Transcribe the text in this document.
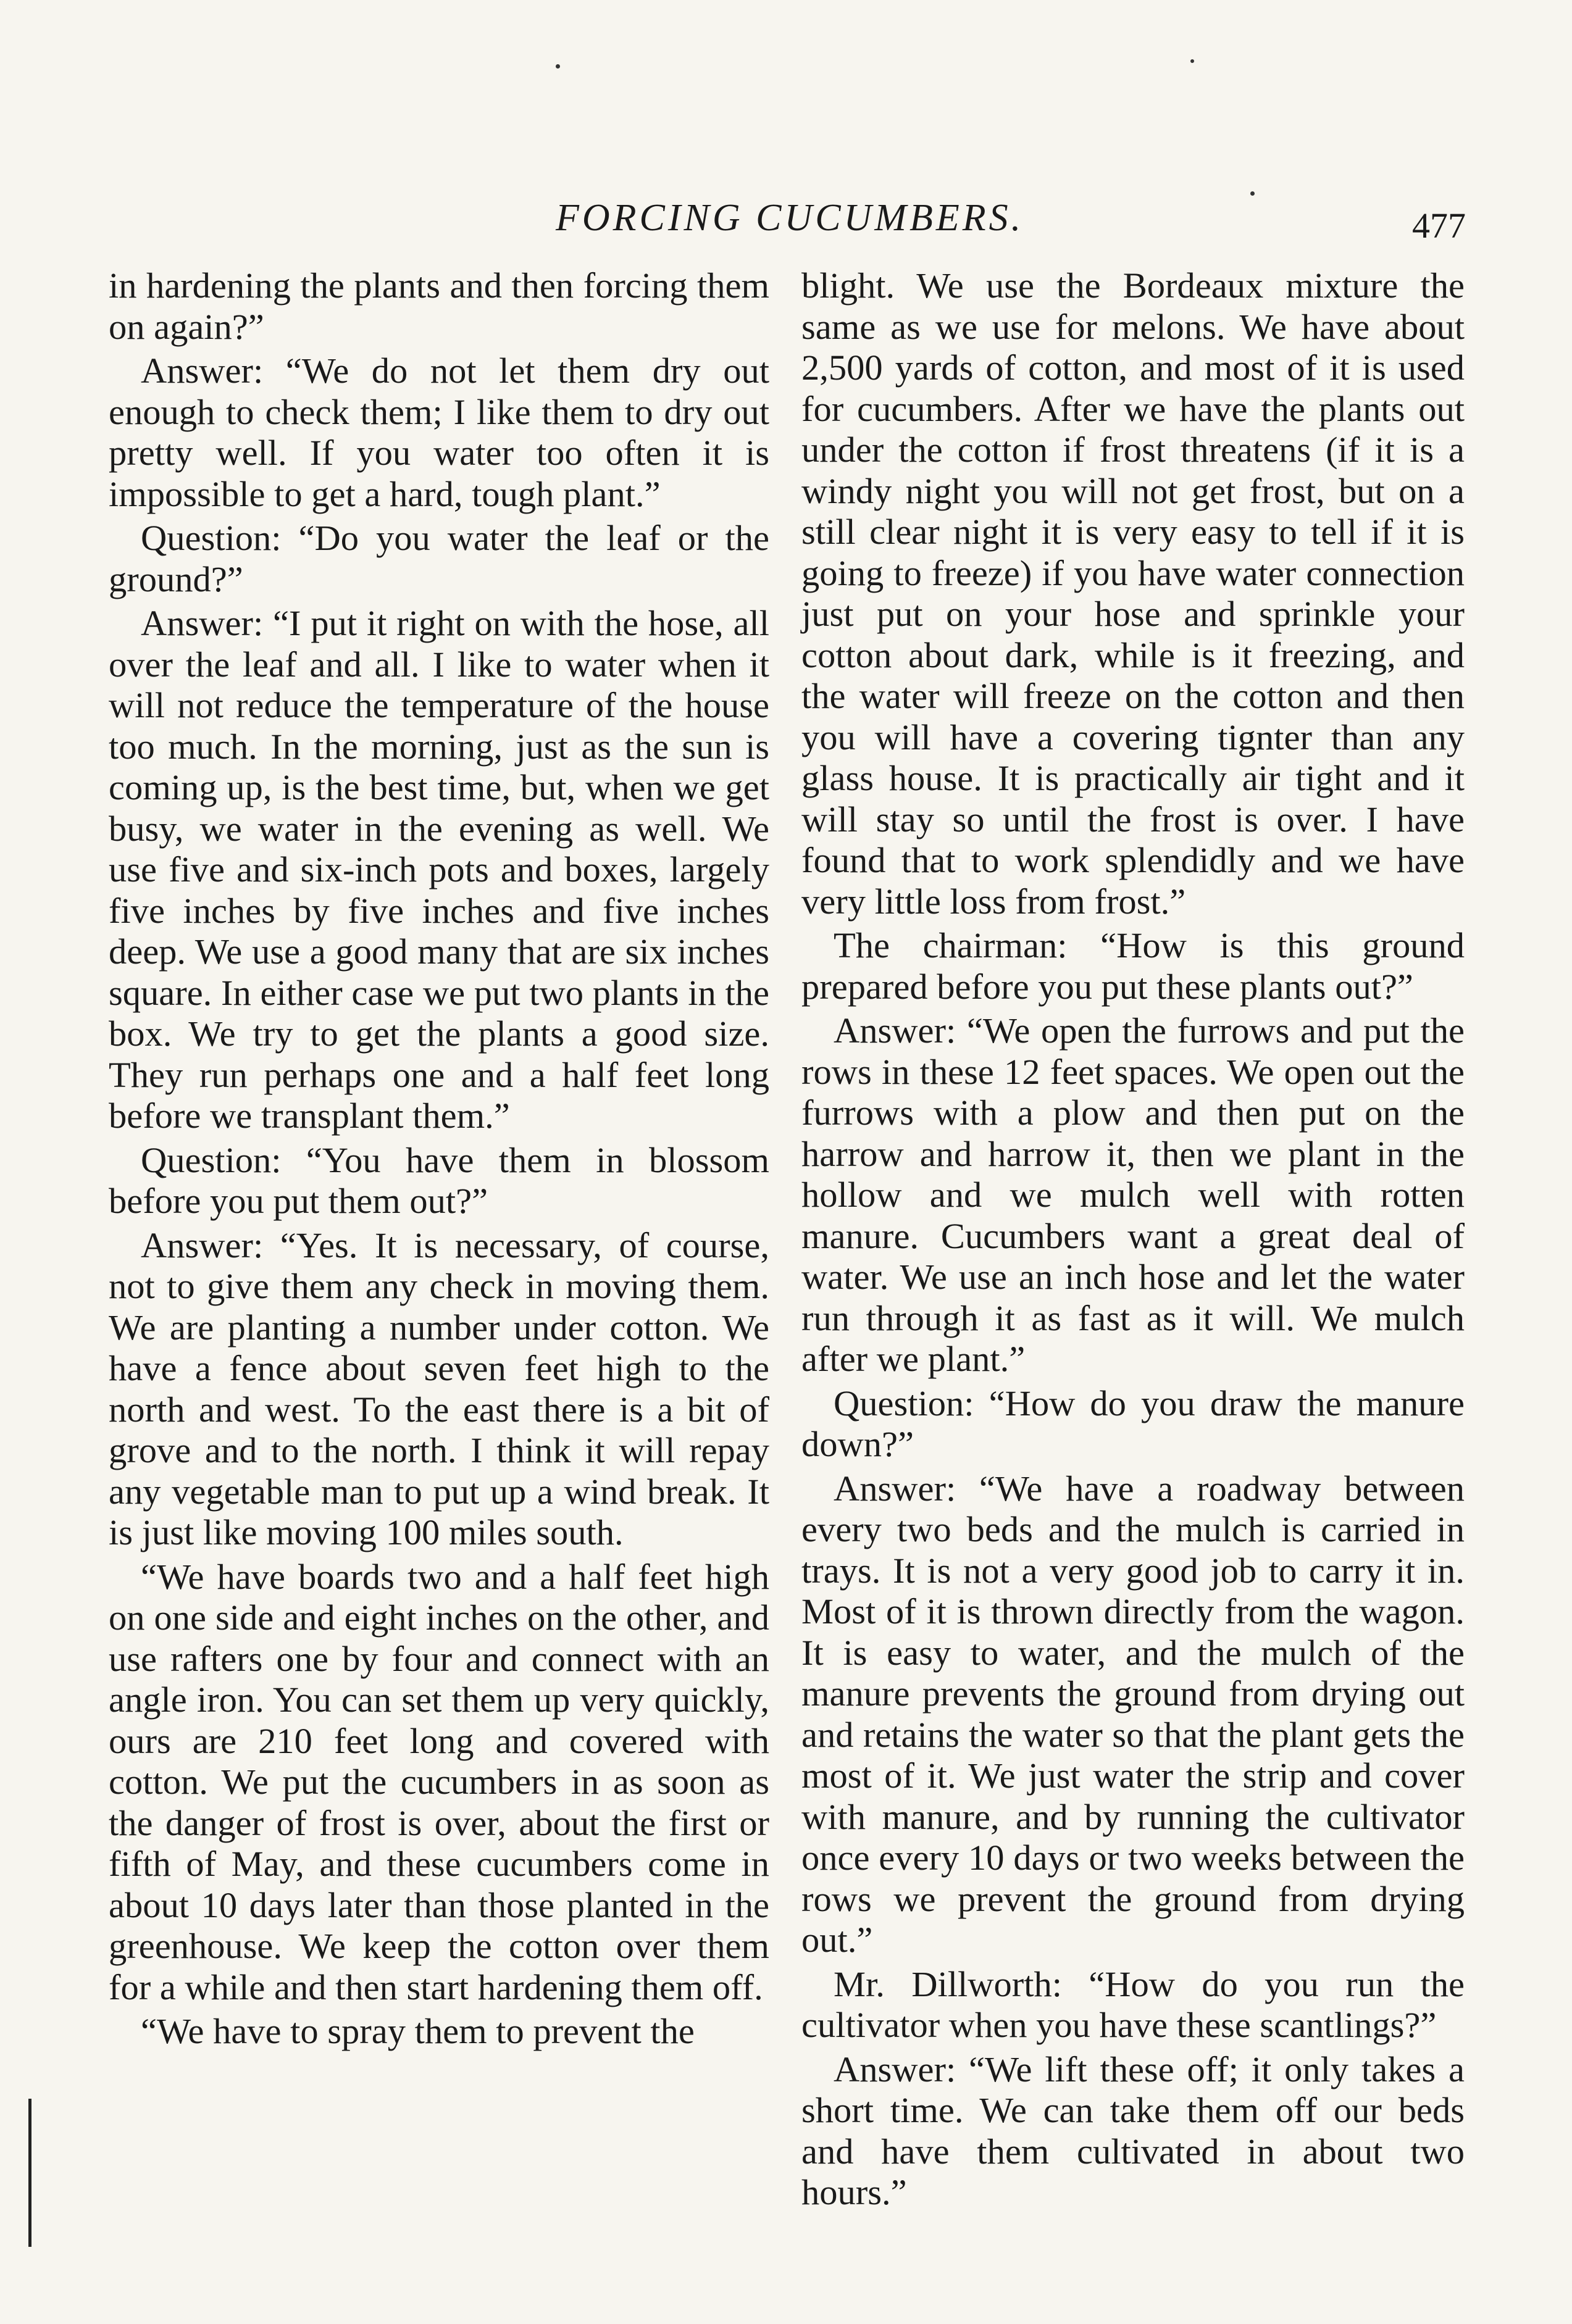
FORCING CUCUMBERS.	477

in hardening the plants and then forcing them on again?”

Answer: “We do not let them dry out enough to check them; I like them to dry out pretty well. If you water too often it is impossible to get a hard, tough plant.”

Question: “Do you water the leaf or the ground?”

Answer: “I put it right on with the hose, all over the leaf and all. I like to water when it will not reduce the temperature of the house too much. In the morning, just as the sun is coming up, is the best time, but, when we get busy, we water in the evening as well. We use five and six-inch pots and boxes, largely five inches by five inches and five inches deep. We use a good many that are six inches square. In either case we put two plants in the box. We try to get the plants a good size. They run perhaps one and a half feet long before we transplant them.”

Question: “You have them in blossom before you put them out?”

Answer: “Yes. It is necessary, of course, not to give them any check in moving them. We are planting a number under cotton. We have a fence about seven feet high to the north and west. To the east there is a bit of grove and to the north. I think it will repay any vegetable man to put up a wind break. It is just like moving 100 miles south.

“We have boards two and a half feet high on one side and eight inches on the other, and use rafters one by four and connect with an angle iron. You can set them up very quickly, ours are 210 feet long and covered with cotton. We put the cucumbers in as soon as the danger of frost is over, about the first or fifth of May, and these cucumbers come in about 10 days later than those planted in the greenhouse. We keep the cotton over them for a while and then start hardening them off.

“We have to spray them to prevent the

blight. We use the Bordeaux mixture the same as we use for melons. We have about 2,500 yards of cotton, and most of it is used for cucumbers. After we have the plants out under the cotton if frost threatens (if it is a windy night you will not get frost, but on a still clear night it is very easy to tell if it is going to freeze) if you have water connection just put on your hose and sprinkle your cotton about dark, while is it freezing, and the water will freeze on the cotton and then you will have a covering tignter than any glass house. It is practically air tight and it will stay so until the frost is over. I have found that to work splendidly and we have very little loss from frost.”

The chairman: “How is this ground prepared before you put these plants out?”

Answer: “We open the furrows and put the rows in these 12 feet spaces. We open out the furrows with a plow and then put on the harrow and harrow it, then we plant in the hollow and we mulch well with rotten manure. Cucumbers want a great deal of water. We use an inch hose and let the water run through it as fast as it will. We mulch after we plant.”

Question: “How do you draw the manure down?”

Answer: “We have a roadway between every two beds and the mulch is carried in trays. It is not a very good job to carry it in. Most of it is thrown directly from the wagon. It is easy to water, and the mulch of the manure prevents the ground from drying out and retains the water so that the plant gets the most of it. We just water the strip and cover with manure, and by running the cultivator once every 10 days or two weeks between the rows we prevent the ground from drying out.”

Mr. Dillworth: “How do you run the cultivator when you have these scantlings?”

Answer: “We lift these off; it only takes a short time. We can take them off our beds and have them cultivated in about two hours.”
